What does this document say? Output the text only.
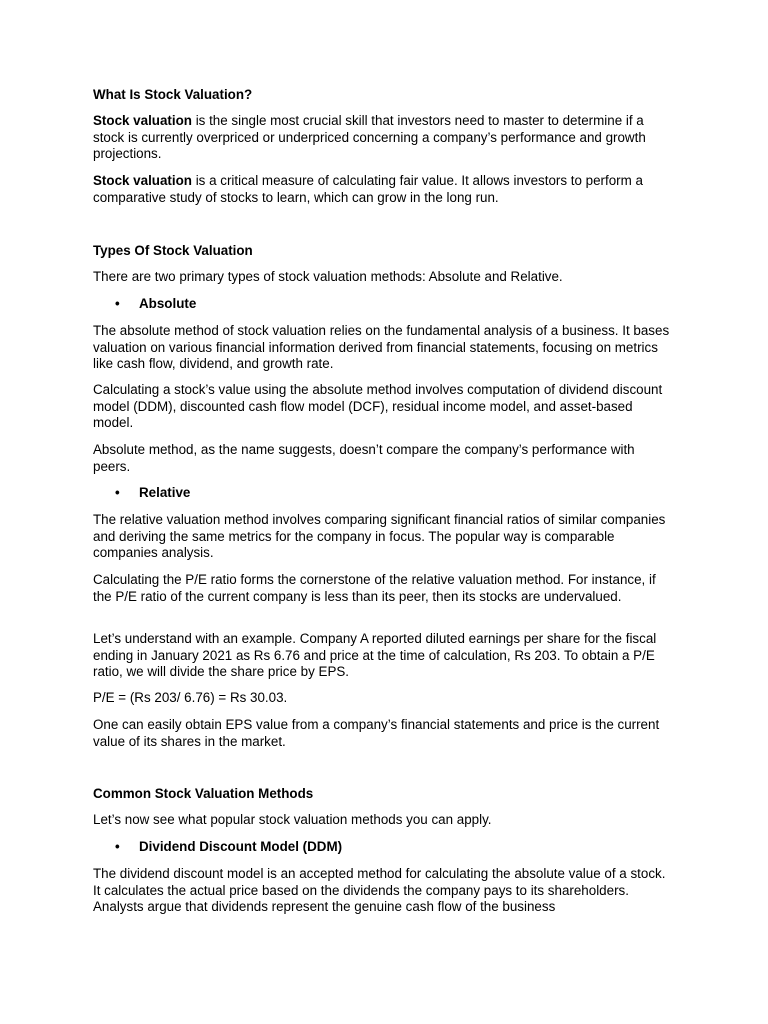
What Is Stock Valuation?

Stock valuation is the single most crucial skill that investors need to master to determine if a stock is currently overpriced or underpriced concerning a company’s performance and growth projections.

Stock valuation is a critical measure of calculating fair value. It allows investors to perform a comparative study of stocks to learn, which can grow in the long run.

Types Of Stock Valuation

There are two primary types of stock valuation methods: Absolute and Relative.

• Absolute

The absolute method of stock valuation relies on the fundamental analysis of a business. It bases valuation on various financial information derived from financial statements, focusing on metrics like cash flow, dividend, and growth rate.

Calculating a stock’s value using the absolute method involves computation of dividend discount model (DDM), discounted cash flow model (DCF), residual income model, and asset-based model.

Absolute method, as the name suggests, doesn’t compare the company’s performance with peers.

• Relative

The relative valuation method involves comparing significant financial ratios of similar companies and deriving the same metrics for the company in focus. The popular way is comparable companies analysis.

Calculating the P/E ratio forms the cornerstone of the relative valuation method. For instance, if the P/E ratio of the current company is less than its peer, then its stocks are undervalued.

Let’s understand with an example. Company A reported diluted earnings per share for the fiscal ending in January 2021 as Rs 6.76 and price at the time of calculation, Rs 203. To obtain a P/E ratio, we will divide the share price by EPS.

P/E = (Rs 203/ 6.76) = Rs 30.03.

One can easily obtain EPS value from a company’s financial statements and price is the current value of its shares in the market.

Common Stock Valuation Methods

Let’s now see what popular stock valuation methods you can apply.

• Dividend Discount Model (DDM)

The dividend discount model is an accepted method for calculating the absolute value of a stock. It calculates the actual price based on the dividends the company pays to its shareholders. Analysts argue that dividends represent the genuine cash flow of the business
